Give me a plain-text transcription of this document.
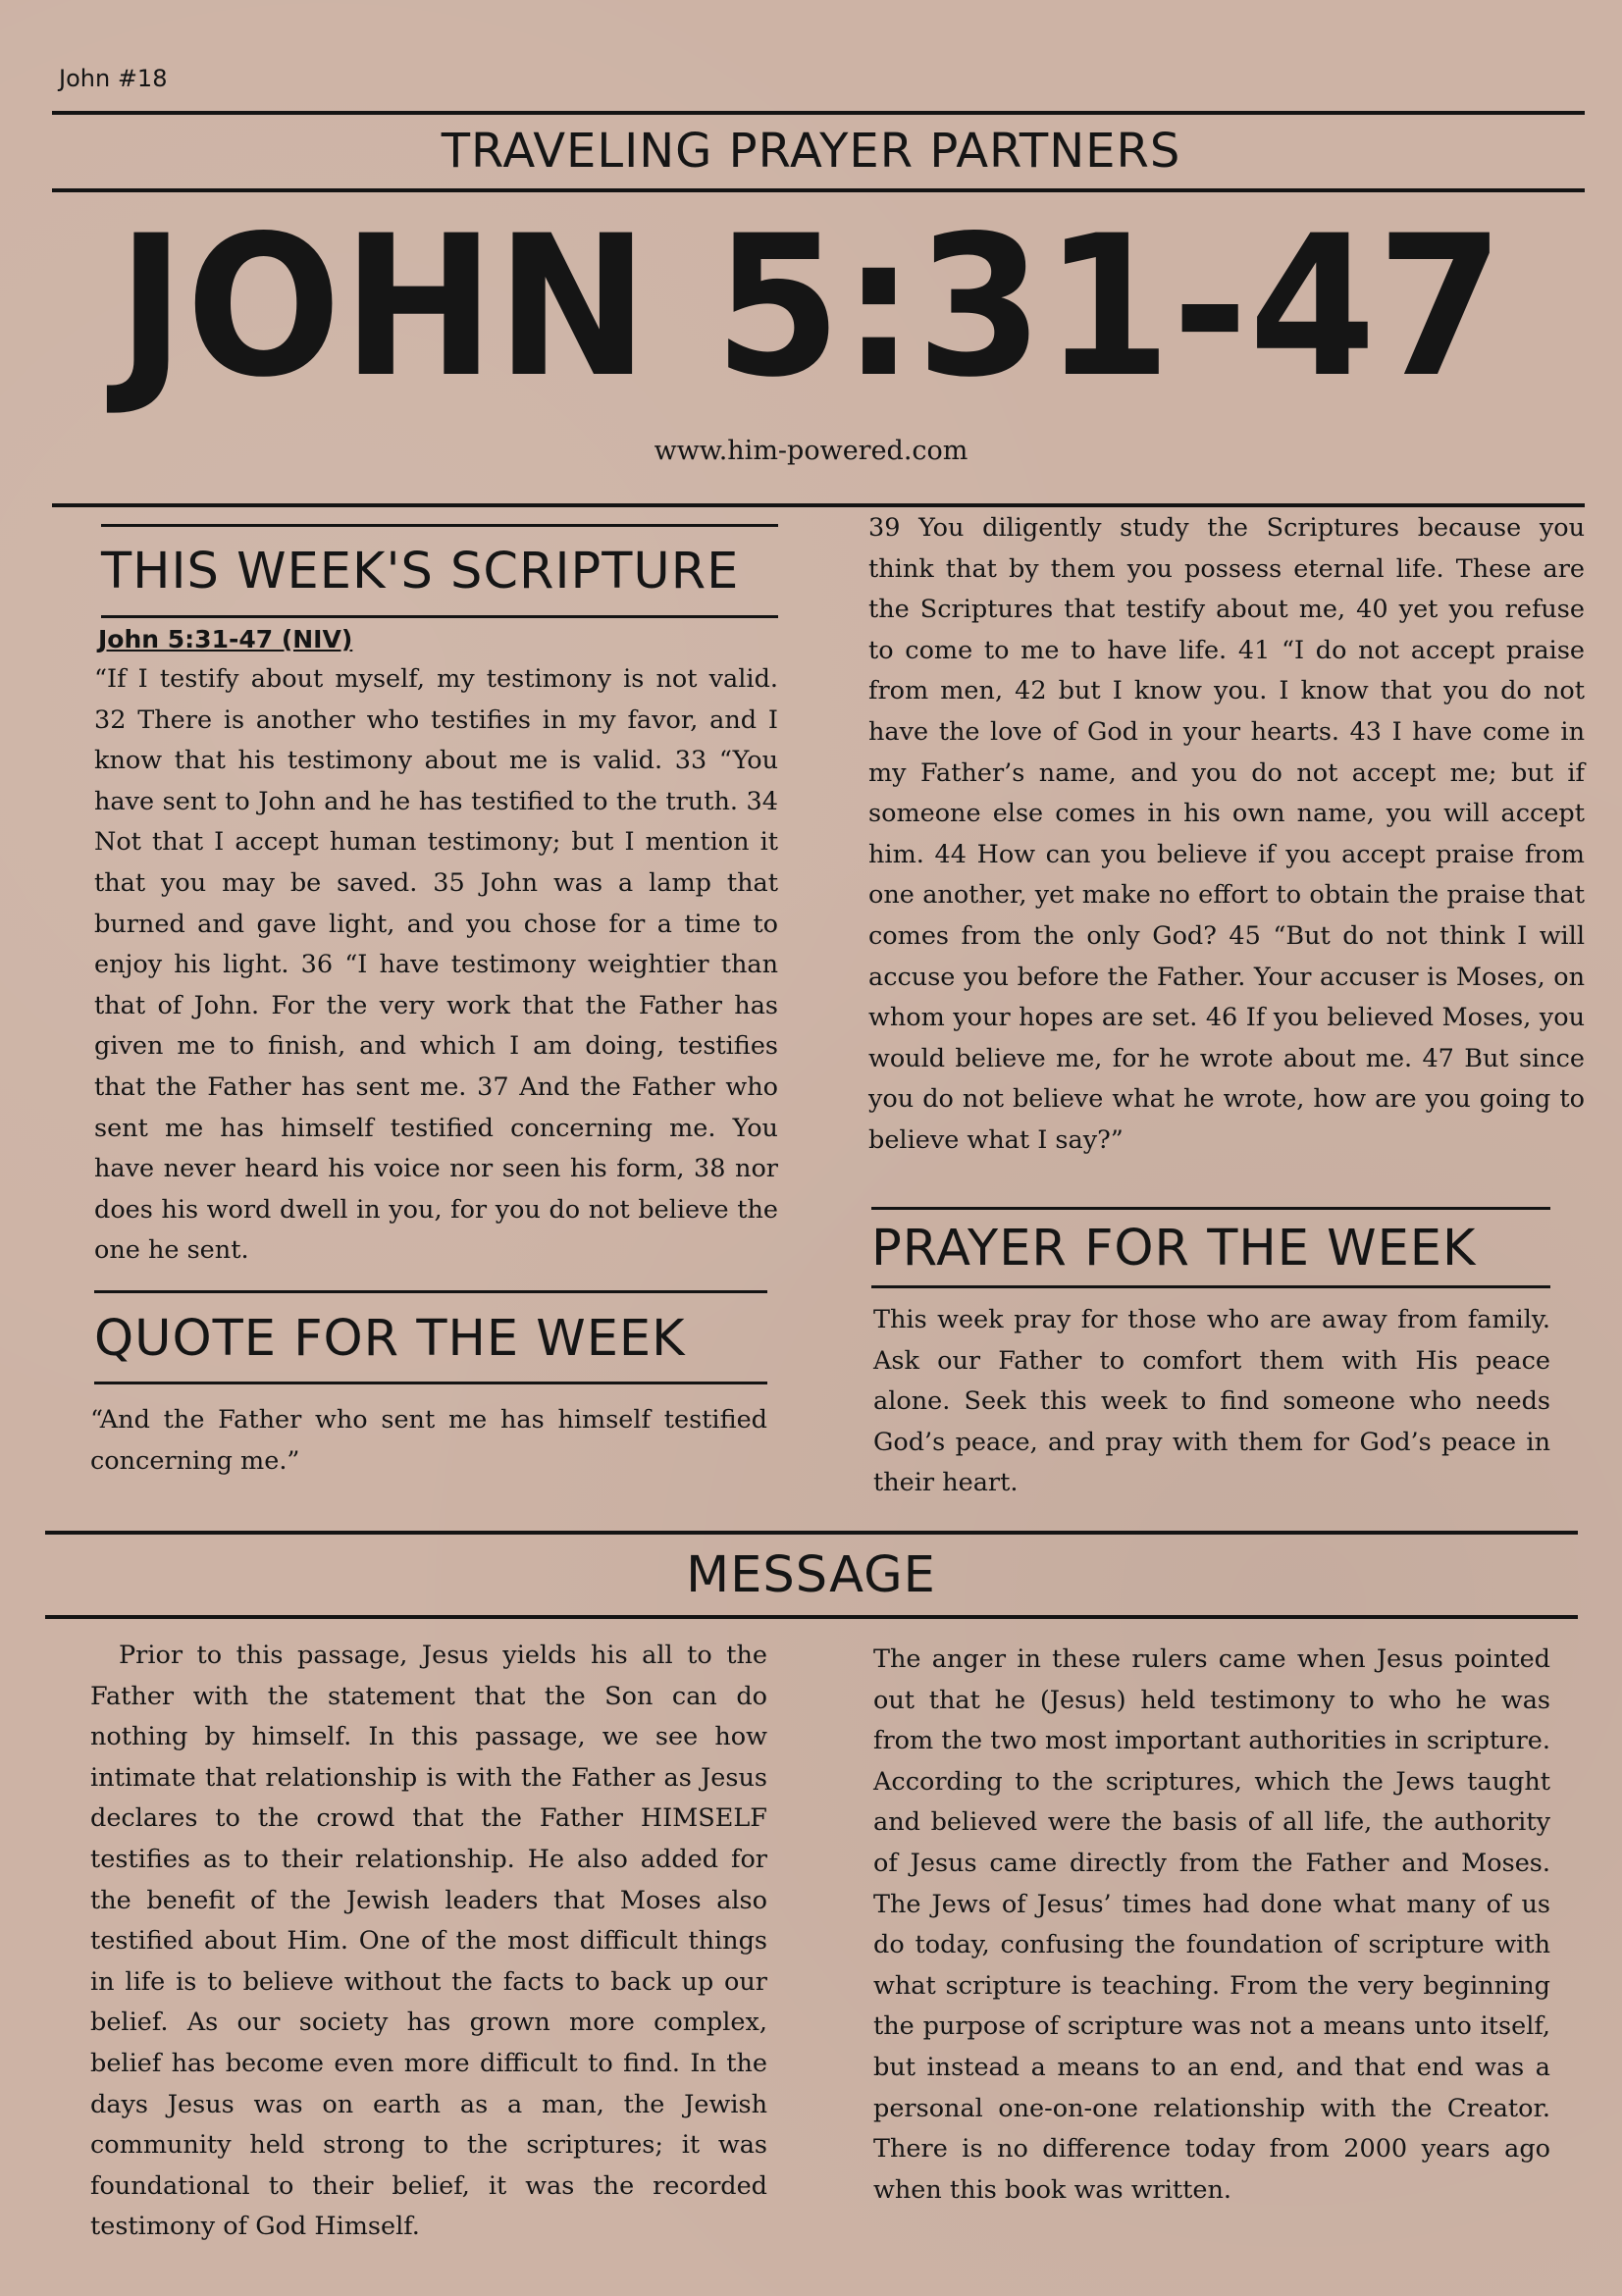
John #18
TRAVELING PRAYER PARTNERS
JOHN 5:31-47
www.him-powered.com
THIS WEEK'S SCRIPTURE
John 5:31-47 (NIV)
“If I testify about myself, my testimony is not valid. 32 There is another who testifies in my favor, and I know that his testimony about me is valid. 33 “You have sent to John and he has testified to the truth. 34 Not that I accept human testimony; but I mention it that you may be saved. 35 John was a lamp that burned and gave light, and you chose for a time to enjoy his light. 36 “I have testimony weightier than that of John. For the very work that the Father has given me to finish, and which I am doing, testifies that the Father has sent me. 37 And the Father who sent me has himself testified concerning me. You have never heard his voice nor seen his form, 38 nor does his word dwell in you, for you do not believe the one he sent.
QUOTE FOR THE WEEK
“And the Father who sent me has himself testified concerning me.”
39 You diligently study the Scriptures because you think that by them you possess eternal life. These are the Scriptures that testify about me, 40 yet you refuse to come to me to have life. 41 “I do not accept praise from men, 42 but I know you. I know that you do not have the love of God in your hearts. 43 I have come in my Father’s name, and you do not accept me; but if someone else comes in his own name, you will accept him. 44 How can you believe if you accept praise from one another, yet make no effort to obtain the praise that comes from the only God? 45 “But do not think I will accuse you before the Father. Your accuser is Moses, on whom your hopes are set. 46 If you believed Moses, you would believe me, for he wrote about me. 47 But since you do not believe what he wrote, how are you going to believe what I say?”
PRAYER FOR THE WEEK
This week pray for those who are away from family. Ask our Father to comfort them with His peace alone. Seek this week to find someone who needs God’s peace, and pray with them for God’s peace in their heart.
MESSAGE
Prior to this passage, Jesus yields his all to the Father with the statement that the Son can do nothing by himself. In this passage, we see how intimate that relationship is with the Father as Jesus declares to the crowd that the Father HIMSELF testifies as to their relationship. He also added for the benefit of the Jewish leaders that Moses also testified about Him. One of the most difficult things in life is to believe without the facts to back up our belief. As our society has grown more complex, belief has become even more difficult to find. In the days Jesus was on earth as a man, the Jewish community held strong to the scriptures; it was foundational to their belief, it was the recorded testimony of God Himself.
The anger in these rulers came when Jesus pointed out that he (Jesus) held testimony to who he was from the two most important authorities in scripture. According to the scriptures, which the Jews taught and believed were the basis of all life, the authority of Jesus came directly from the Father and Moses. The Jews of Jesus’ times had done what many of us do today, confusing the foundation of scripture with what scripture is teaching. From the very beginning the purpose of scripture was not a means unto itself, but instead a means to an end, and that end was a personal one-on-one relationship with the Creator. There is no difference today from 2000 years ago when this book was written.
